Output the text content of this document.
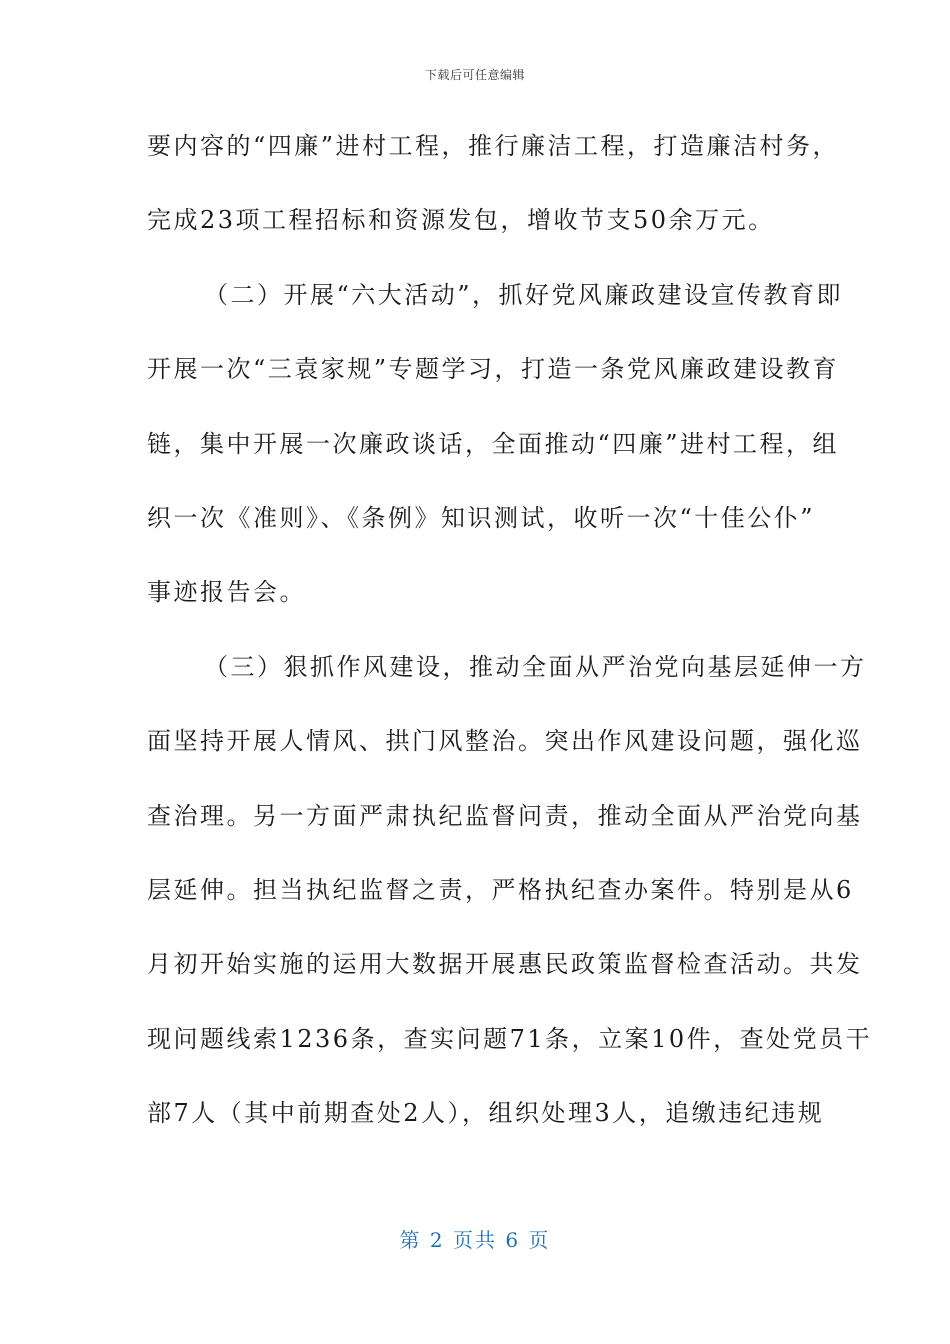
下载后可任意编辑
要内容的“四廉”进村工程，推行廉洁工程，打造廉洁村务，
完成23项工程招标和资源发包，增收节支50余万元。
（二）开展“六大活动”，抓好党风廉政建设宣传教育即
开展一次“三袁家规”专题学习，打造一条党风廉政建设教育
链，集中开展一次廉政谈话，全面推动“四廉”进村工程，组
织一次《准则》、《条例》知识测试，收听一次“十佳公仆”
事迹报告会。
（三）狠抓作风建设，推动全面从严治党向基层延伸一方
面坚持开展人情风、拱门风整治。突出作风建设问题，强化巡
查治理。另一方面严肃执纪监督问责，推动全面从严治党向基
层延伸。担当执纪监督之责，严格执纪查办案件。特别是从6
月初开始实施的运用大数据开展惠民政策监督检查活动。共发
现问题线索1236条，查实问题71条，立案10件，查处党员干
部7人（其中前期查处2人），组织处理3人，追缴违纪违规
第 2 页共 6 页
